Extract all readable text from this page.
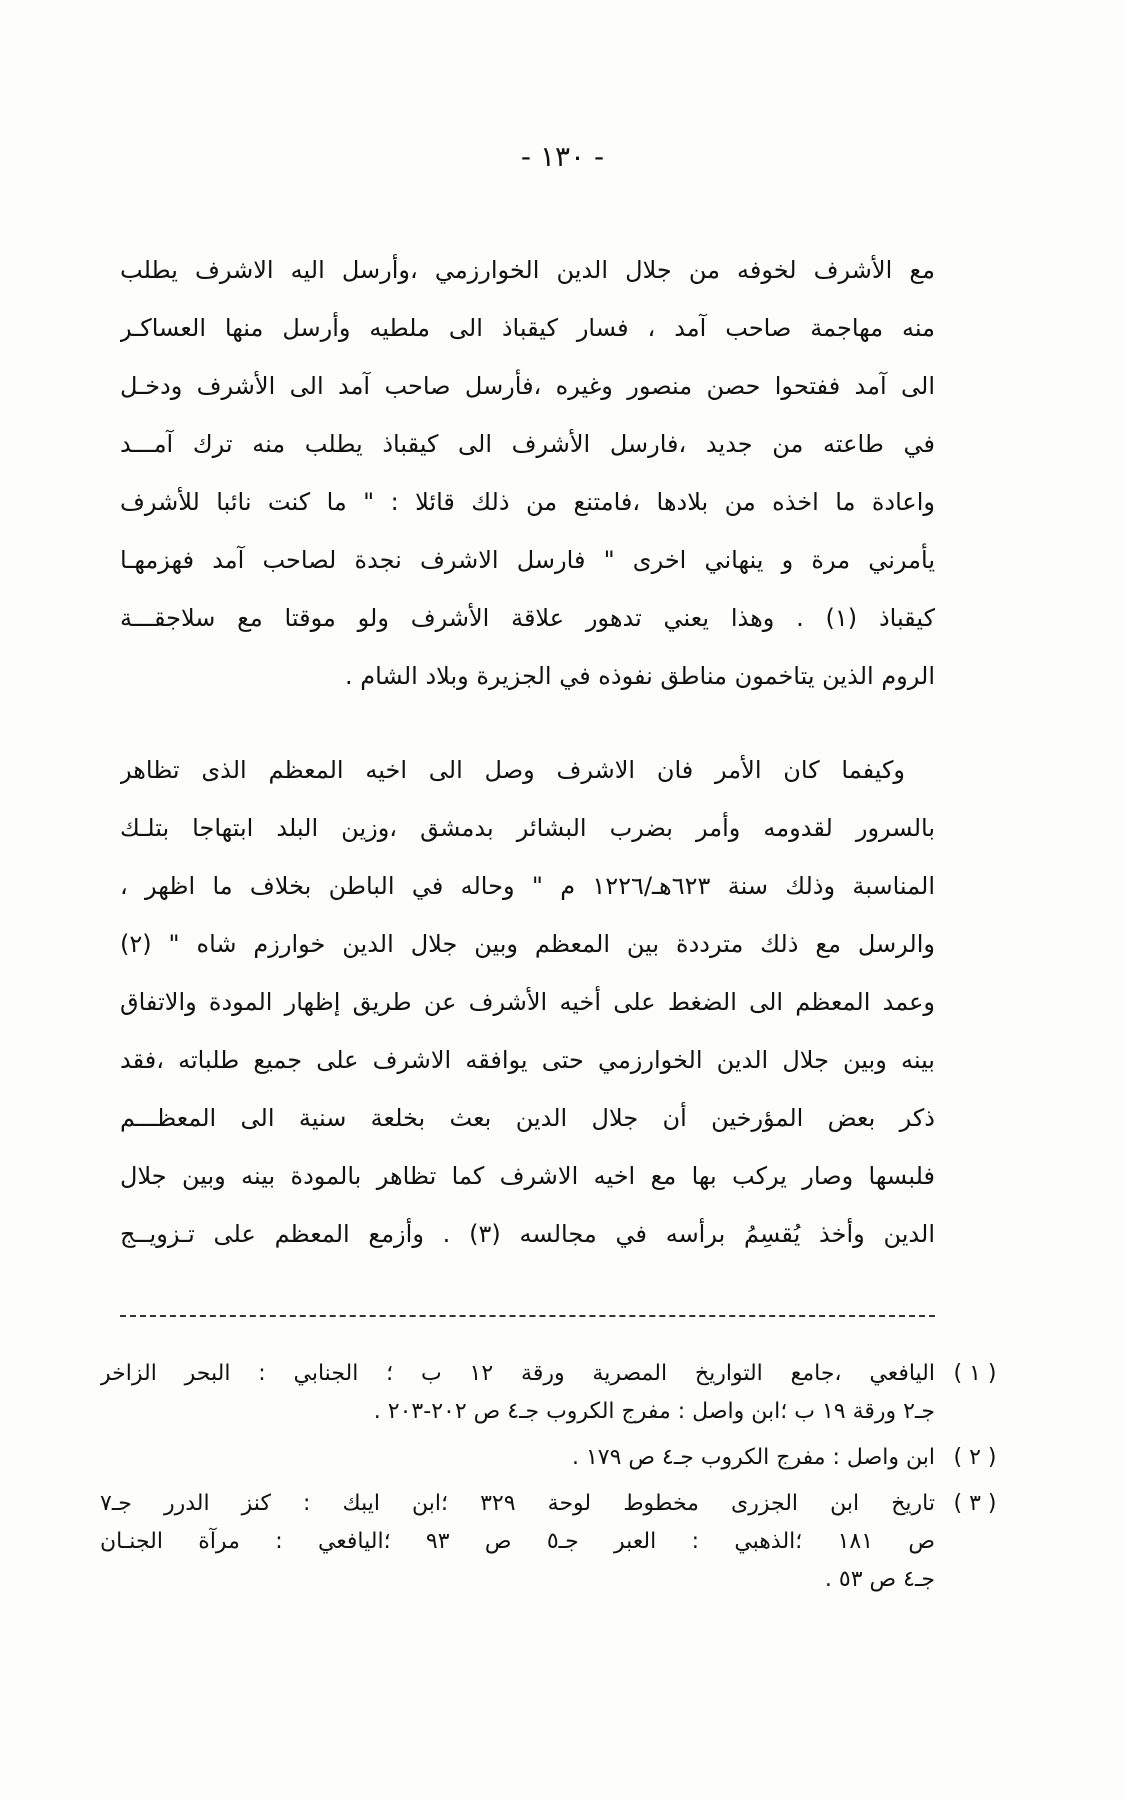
- ١٣٠ -
مع الأشرف لخوفه من جلال الدين الخوارزمي ،وأرسل اليه الاشرف يطلب
منه مهاجمة صاحب آمد ، فسار كيقباذ الى ملطيه وأرسل منها العساكـر
الى آمد ففتحوا حصن منصور وغيره ،فأرسل صاحب آمد الى الأشرف ودخـل
في طاعته من جديد ،فارسل الأشرف الى كيقباذ يطلب منه ترك آمـــد
واعادة ما اخذه من بلادها ،فامتنع من ذلك قائلا : " ما كنت نائبا للأشرف
يأمرني مرة و ينهاني اخرى " فارسل الاشرف نجدة لصاحب آمد فهزمهـا
كيقباذ (١) . وهذا يعني تدهور علاقة الأشرف ولو موقتا مع سلاجقـــة
الروم الذين يتاخمون مناطق نفوذه في الجزيرة وبلاد الشام .
وكيفما كان الأمر فان الاشرف وصل الى اخيه المعظم الذى تظاهر
بالسرور لقدومه وأمر بضرب البشائر بدمشق ،وزين البلد ابتهاجا بتلـك
المناسبة وذلك سنة ٦٢٣هـ/١٢٢٦ م " وحاله في الباطن بخلاف ما اظهر ،
والرسل مع ذلك مترددة بين المعظم وبين جلال الدين خوارزم شاه " (٢)
وعمد المعظم الى الضغط على أخيه الأشرف عن طريق إظهار المودة والاتفاق
بينه وبين جلال الدين الخوارزمي حتى يوافقه الاشرف على جميع طلباته ،فقد
ذكر بعض المؤرخين أن جلال الدين بعث بخلعة سنية الى المعظـــم
فلبسها وصار يركب بها مع اخيه الاشرف كما تظاهر بالمودة بينه وبين جلال
الدين وأخذ يُقسِمُ برأسه في مجالسه (٣) . وأزمع المعظم على تـزويــج
( ١ )
اليافعي ،جامع التواريخ المصرية ورقة ١٢ ب ؛ الجنابي : البحر الزاخر
جـ٢ ورقة ١٩ ب ؛ابن واصل : مفرج الكروب جـ٤ ص ٢٠٢-٢٠٣ .
( ٢ )
ابن واصل : مفرج الكروب جـ٤ ص ١٧٩ .
( ٣ )
تاريخ ابن الجزرى مخطوط لوحة ٣٢٩ ؛ابن ايبك : كنز الدرر جـ٧
ص ١٨١ ؛الذهبي : العبر جـ٥ ص ٩٣ ؛اليافعي : مرآة الجنـان
جـ٤ ص ٥٣ .
